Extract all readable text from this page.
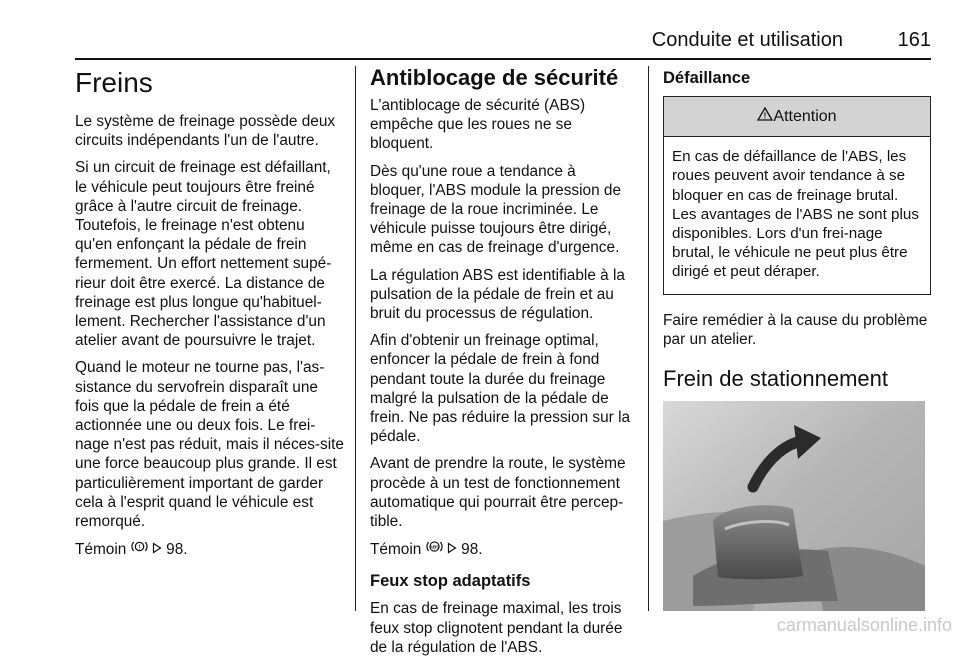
Conduite et utilisation	161
Freins

Le système de freinage possède deux circuits indépendants l'un de l'autre.

Si un circuit de freinage est défaillant, le véhicule peut toujours être freiné grâce à l'autre circuit de freinage. Toutefois, le freinage n'est obtenu qu'en enfonçant la pédale de frein fermement. Un effort nettement supé-rieur doit être exercé. La distance de freinage est plus longue qu'habituel-lement. Rechercher l'assistance d'un atelier avant de poursuivre le trajet.

Quand le moteur ne tourne pas, l'as-sistance du servofrein disparaît une fois que la pédale de frein a été actionnée une ou deux fois. Le frei-nage n'est pas réduit, mais il néces-site une force beaucoup plus grande. Il est particulièrement important de garder cela à l'esprit quand le véhicule est remorqué.

Témoin ! 98.

Antiblocage de sécurité

L'antiblocage de sécurité (ABS) empêche que les roues ne se bloquent.

Dès qu'une roue a tendance à bloquer, l'ABS module la pression de freinage de la roue incriminée. Le véhicule puisse toujours être dirigé, même en cas de freinage d'urgence.

La régulation ABS est identifiable à la pulsation de la pédale de frein et au bruit du processus de régulation.

Afin d'obtenir un freinage optimal, enfoncer la pédale de frein à fond pendant toute la durée du freinage malgré la pulsation de la pédale de frein. Ne pas réduire la pression sur la pédale.

Avant de prendre la route, le système procède à un test de fonctionnement automatique qui pourrait être percep-tible.

Témoin ABS 98.

Feux stop adaptatifs

En cas de freinage maximal, les trois feux stop clignotent pendant la durée de la régulation de l'ABS.

Défaillance
! Attention
En cas de défaillance de l'ABS, les roues peuvent avoir tendance à se bloquer en cas de freinage brutal. Les avantages de l'ABS ne sont plus disponibles. Lors d'un frei-nage brutal, le véhicule ne peut plus être dirigé et peut déraper.

Faire remédier à la cause du problème par un atelier.

Frein de stationnement
carmanualsonline.info
